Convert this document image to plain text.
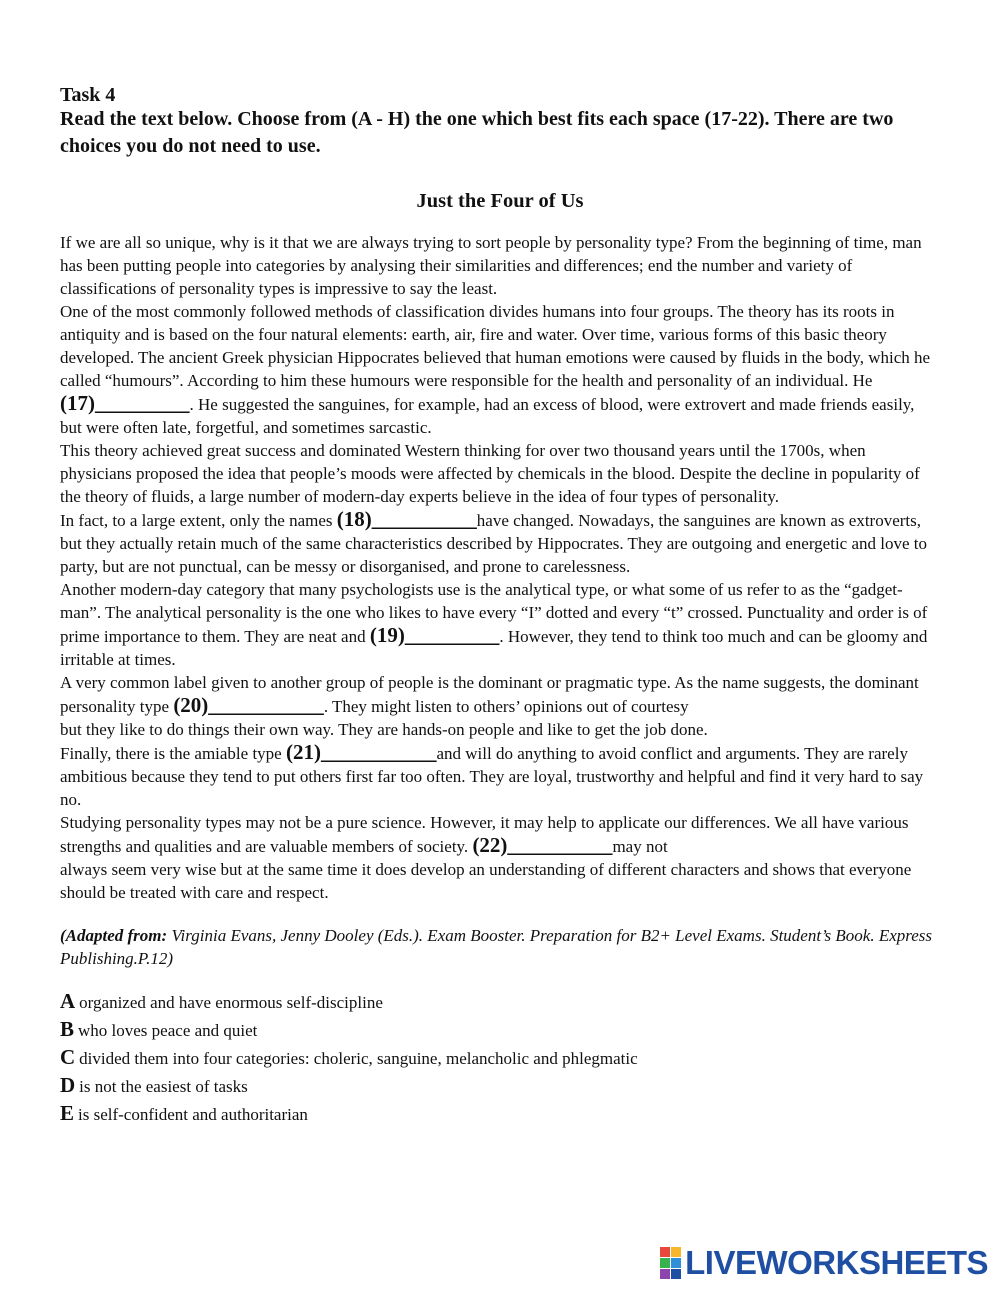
Task 4
Read the text below. Choose from (A - H) the one which best fits each space (17-22). There are two choices you do not need to use.
Just the Four of Us

If we are all so unique, why is it that we are always trying to sort people by personality type? From the beginning of time, man has been putting people into categories by analysing their similarities and differences; end the number and variety of classifications of personality types is impressive to say the least.

One of the most commonly followed methods of classification divides humans into four groups. The theory has its roots in antiquity and is based on the four natural elements: earth, air, fire and water. Over time, various forms of this basic theory developed. The ancient Greek physician Hippocrates believed that human emotions were caused by fluids in the body, which he called “humours”. According to him these humours were responsible for the health and personality of an individual. He (17)_________. He suggested the sanguines, for example, had an excess of blood, were extrovert and made friends easily, but were often late, forgetful, and sometimes sarcastic.

This theory achieved great success and dominated Western thinking for over two thousand years until the 1700s, when physicians proposed the idea that people’s moods were affected by chemicals in the blood. Despite the decline in popularity of the theory of fluids, a large number of modern-day experts believe in the idea of four types of personality.

In fact, to a large extent, only the names (18)__________have changed. Nowadays, the sanguines are known as extroverts, but they actually retain much of the same characteristics described by Hippocrates. They are outgoing and energetic and love to party, but are not punctual, can be messy or disorganised, and prone to carelessness.

Another modern-day category that many psychologists use is the analytical type, or what some of us refer to as the “gadget-man”. The analytical personality is the one who likes to have every “I” dotted and every “t” crossed. Punctuality and order is of prime importance to them. They are neat and (19)_________. However, they tend to think too much and can be gloomy and irritable at times.

A very common label given to another group of people is the dominant or pragmatic type. As the name suggests, the dominant personality type (20)___________. They might listen to others’ opinions out of courtesy

but they like to do things their own way. They are hands-on people and like to get the job done.

Finally, there is the amiable type (21)___________and will do anything to avoid conflict and arguments. They are rarely ambitious because they tend to put others first far too often. They are loyal, trustworthy and helpful and find it very hard to say no.

Studying personality types may not be a pure science. However, it may help to applicate our differences. We all have various strengths and qualities and are valuable members of society. (22)__________may not

always seem very wise but at the same time it does develop an understanding of different characters and shows that everyone should be treated with care and respect.

(Adapted from: Virginia Evans, Jenny Dooley (Eds.). Exam Booster. Preparation for B2+ Level Exams. Student’s Book. Express Publishing.P.12)
A organized and have enormous self-discipline
B who loves peace and quiet
C divided them into four categories: choleric, sanguine, melancholic and phlegmatic
D is not the easiest of tasks
E is self-confident and authoritarian
LIVEWORKSHEETS
